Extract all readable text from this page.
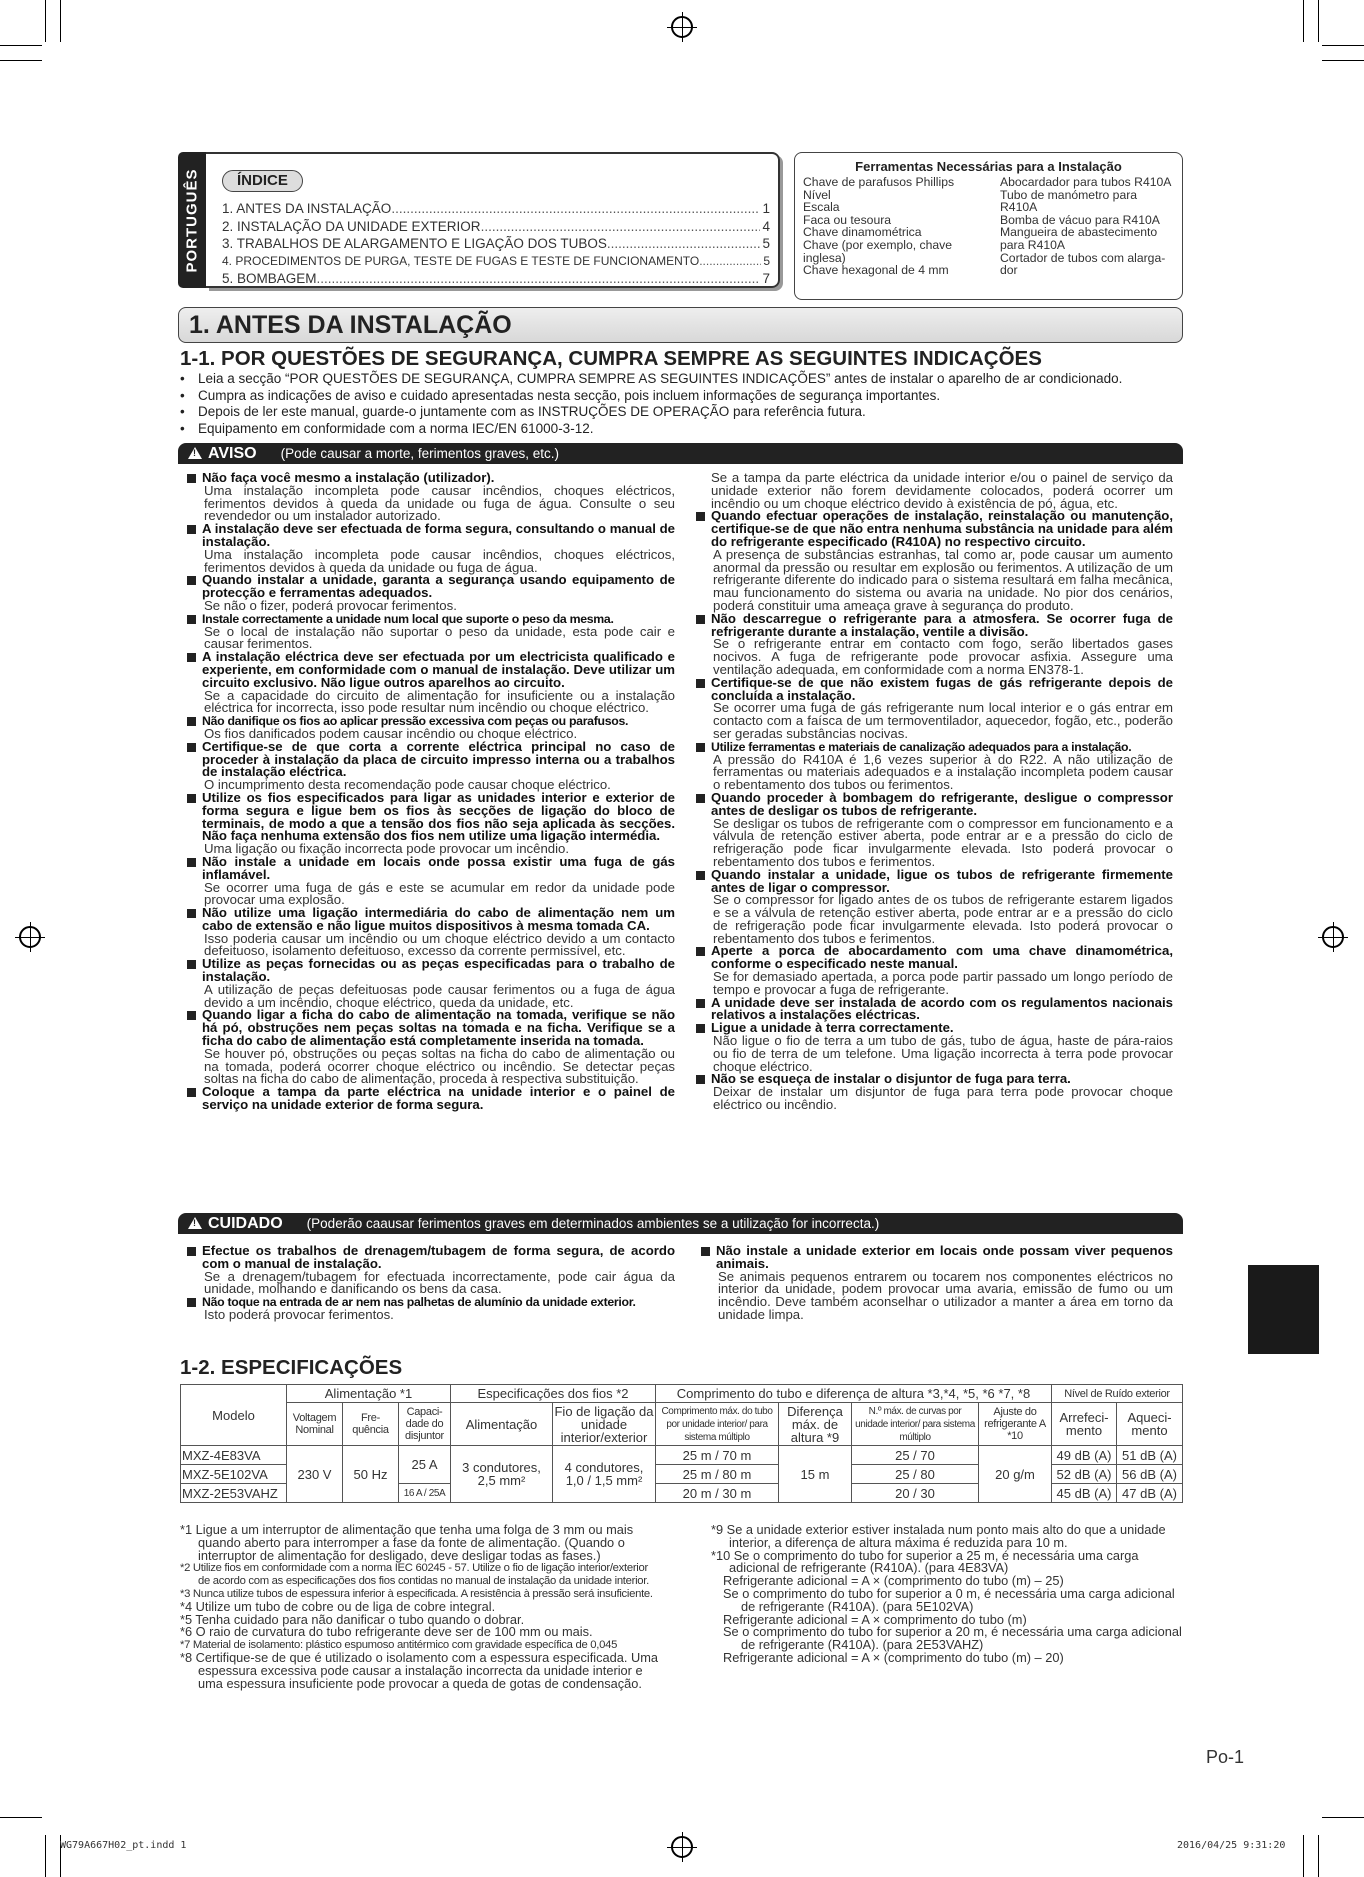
PORTUGUÊS	ÍNDICE
1. ANTES DA INSTALAÇÃO .....	1
2. INSTALAÇÃO DA UNIDADE EXTERIOR .....	4
3. TRABALHOS DE ALARGAMENTO E LIGAÇÃO DOS TUBOS .....	5
4. PROCEDIMENTOS DE PURGA, TESTE DE FUGAS E TESTE DE FUNCIONAMENTO .....	5
5. BOMBAGEM .....	7
Ferramentas Necessárias para a Instalação
Chave de parafusos Phillips
Nível
Escala
Faca ou tesoura
Chave dinamométrica
Chave (por exemplo, chave
inglesa)
Chave hexagonal de 4 mm
Abocardador para tubos R410A
Tubo de manómetro para
R410A
Bomba de vácuo para R410A
Mangueira de abastecimento
para R410A
Cortador de tubos com alarga-
dor
1. ANTES DA INSTALAÇÃO
1-1. POR QUESTÕES DE SEGURANÇA, CUMPRA SEMPRE AS SEGUINTES INDICAÇÕES
• Leia a secção “POR QUESTÕES DE SEGURANÇA, CUMPRA SEMPRE AS SEGUINTES INDICAÇÕES” antes de instalar o aparelho de ar condicionado.
• Cumpra as indicações de aviso e cuidado apresentadas nesta secção, pois incluem informações de segurança importantes.
• Depois de ler este manual, guarde-o juntamente com as INSTRUÇÕES DE OPERAÇÃO para referência futura.
• Equipamento em conformidade com a norma IEC/EN 61000-3-12.
!AVISO (Pode causar a morte, ferimentos graves, etc.)
Não faça você mesmo a instalação (utilizador).
Uma instalação incompleta pode causar incêndios, choques eléctricos, ferimentos devidos à queda da unidade ou fuga de água. Consulte o seu revendedor ou um instalador autorizado.
A instalação deve ser efectuada de forma segura, consultando o manual de instalação.
Uma instalação incompleta pode causar incêndios, choques eléctricos, ferimentos devidos à queda da unidade ou fuga de água.
Quando instalar a unidade, garanta a segurança usando equipamento de protecção e ferramentas adequados.
Se não o fizer, poderá provocar ferimentos.
Instale correctamente a unidade num local que suporte o peso da mesma.
Se o local de instalação não suportar o peso da unidade, esta pode cair e causar ferimentos.
A instalação eléctrica deve ser efectuada por um electricista qualificado e experiente, em conformidade com o manual de instalação. Deve utilizar um circuito exclusivo. Não ligue outros aparelhos ao circuito.
Se a capacidade do circuito de alimentação for insuficiente ou a instalação eléctrica for incorrecta, isso pode resultar num incêndio ou choque eléctrico.
Não danifique os fios ao aplicar pressão excessiva com peças ou parafusos.
Os fios danificados podem causar incêndio ou choque eléctrico.
Certifique-se de que corta a corrente eléctrica principal no caso de proceder à instalação da placa de circuito impresso interna ou a trabalhos de instalação eléctrica.
O incumprimento desta recomendação pode causar choque eléctrico.
Utilize os fios especificados para ligar as unidades interior e exterior de forma segura e ligue bem os fios às secções de ligação do bloco de terminais, de modo a que a tensão dos fios não seja aplicada às secções. Não faça nenhuma extensão dos fios nem utilize uma ligação intermédia.
Uma ligação ou fixação incorrecta pode provocar um incêndio.
Não instale a unidade em locais onde possa existir uma fuga de gás inflamável.
Se ocorrer uma fuga de gás e este se acumular em redor da unidade pode provocar uma explosão.
Não utilize uma ligação intermediária do cabo de alimentação nem um cabo de extensão e não ligue muitos dispositivos à mesma tomada CA.
Isso poderia causar um incêndio ou um choque eléctrico devido a um contacto defeituoso, isolamento defeituoso, excesso da corrente permissível, etc.
Utilize as peças fornecidas ou as peças especificadas para o trabalho de instalação.
A utilização de peças defeituosas pode causar ferimentos ou a fuga de água devido a um incêndio, choque eléctrico, queda da unidade, etc.
Quando ligar a ficha do cabo de alimentação na tomada, verifique se não há pó, obstruções nem peças soltas na tomada e na ficha. Verifique se a ficha do cabo de alimentação está completamente inserida na tomada.
Se houver pó, obstruções ou peças soltas na ficha do cabo de alimentação ou na tomada, poderá ocorrer choque eléctrico ou incêndio. Se detectar peças soltas na ficha do cabo de alimentação, proceda à respectiva substituição.
Coloque a tampa da parte eléctrica na unidade interior e o painel de serviço na unidade exterior de forma segura.
Se a tampa da parte eléctrica da unidade interior e/ou o painel de serviço da unidade exterior não forem devidamente colocados, poderá ocorrer um incêndio ou um choque eléctrico devido à existência de pó, água, etc.
Quando efectuar operações de instalação, reinstalação ou manutenção, certifique-se de que não entra nenhuma substância na unidade para além do refrigerante especificado (R410A) no respectivo circuito.
A presença de substâncias estranhas, tal como ar, pode causar um aumento anormal da pressão ou resultar em explosão ou ferimentos. A utilização de um refrigerante diferente do indicado para o sistema resultará em falha mecânica, mau funcionamento do sistema ou avaria na unidade. No pior dos cenários, poderá constituir uma ameaça grave à segurança do produto.
Não descarregue o refrigerante para a atmosfera. Se ocorrer fuga de refrigerante durante a instalação, ventile a divisão.
Se o refrigerante entrar em contacto com fogo, serão libertados gases nocivos. A fuga de refrigerante pode provocar asfixia. Assegure uma ventilação adequada, em conformidade com a norma EN378-1.
Certifique-se de que não existem fugas de gás refrigerante depois de concluída a instalação.
Se ocorrer uma fuga de gás refrigerante num local interior e o gás entrar em contacto com a faísca de um termoventilador, aquecedor, fogão, etc., poderão ser geradas substâncias nocivas.
Utilize ferramentas e materiais de canalização adequados para a instalação.
A pressão do R410A é 1,6 vezes superior à do R22. A não utilização de ferramentas ou materiais adequados e a instalação incompleta podem causar o rebentamento dos tubos ou ferimentos.
Quando proceder à bombagem do refrigerante, desligue o compressor antes de desligar os tubos de refrigerante.
Se desligar os tubos de refrigerante com o compressor em funcionamento e a válvula de retenção estiver aberta, pode entrar ar e a pressão do ciclo de refrigeração pode ficar invulgarmente elevada. Isto poderá provocar o rebentamento dos tubos e ferimentos.
Quando instalar a unidade, ligue os tubos de refrigerante firmemente antes de ligar o compressor.
Se o compressor for ligado antes de os tubos de refrigerante estarem ligados e se a válvula de retenção estiver aberta, pode entrar ar e a pressão do ciclo de refrigeração pode ficar invulgarmente elevada. Isto poderá provocar o rebentamento dos tubos e ferimentos.
Aperte a porca de abocardamento com uma chave dinamométrica, conforme o especificado neste manual.
Se for demasiado apertada, a porca pode partir passado um longo período de tempo e provocar a fuga de refrigerante.
A unidade deve ser instalada de acordo com os regulamentos nacionais relativos a instalações eléctricas.
Ligue a unidade à terra correctamente.
Não ligue o fio de terra a um tubo de gás, tubo de água, haste de pára-raios ou fio de terra de um telefone. Uma ligação incorrecta à terra pode provocar choque eléctrico.
Não se esqueça de instalar o disjuntor de fuga para terra.
Deixar de instalar um disjuntor de fuga para terra pode provocar choque eléctrico ou incêndio.
!CUIDADO (Poderão caausar ferimentos graves em determinados ambientes se a utilização for incorrecta.)
Efectue os trabalhos de drenagem/tubagem de forma segura, de acordo com o manual de instalação.
Se a drenagem/tubagem for efectuada incorrectamente, pode cair água da unidade, molhando e danificando os bens da casa.
Não toque na entrada de ar nem nas palhetas de alumínio da unidade exterior.
Isto poderá provocar ferimentos.
Não instale a unidade exterior em locais onde possam viver pequenos animais.
Se animais pequenos entrarem ou tocarem nos componentes eléctricos no interior da unidade, podem provocar uma avaria, emissão de fumo ou um incêndio. Deve também aconselhar o utilizador a manter a área em torno da unidade limpa.
1-2. ESPECIFICAÇÕES
Modelo	Alimentação *1			Especificações dos fios *2		Comprimento do tubo e diferença de altura *3,*4, *5, *6 *7, *8				Nível de Ruído exterior	
	Voltagem Nominal	Fre-quência	Capaci-dade do disjuntor	Alimentação	Fio de ligação da unidade interior/exterior	Comprimento máx. do tubo por unidade interior/ para sistema múltiplo	Diferença máx. de altura *9	N.º máx. de curvas por unidade interior/ para sistema múltiplo	Ajuste do refrigerante A *10	Arrefeci-mento	Aqueci-mento
MXZ-4E83VA	230 V	50 Hz	25 A	3 condutores, 2,5 mm²	4 condutores, 1,0 / 1,5 mm²	25 m / 70 m	15 m	25 / 70	20 g/m	49 dB (A)	51 dB (A)
MXZ-5E102VA						25 m / 80 m		25 / 80		52 dB (A)	56 dB (A)
MXZ-2E53VAHZ			16 A / 25A			20 m / 30 m		20 / 30		45 dB (A)	47 dB (A)

*1 Ligue a um interruptor de alimentação que tenha uma folga de 3 mm ou mais quando aberto para interromper a fase da fonte de alimentação. (Quando o interruptor de alimentação for desligado, deve desligar todas as fases.)

*2 Utilize fios em conformidade com a norma IEC 60245 - 57. Utilize o fio de ligação interior/exterior de acordo com as especificações dos fios contidas no manual de instalação da unidade interior.

*3 Nunca utilize tubos de espessura inferior à especificada. A resistência à pressão será insuficiente.

*4 Utilize um tubo de cobre ou de liga de cobre integral.

*5 Tenha cuidado para não danificar o tubo quando o dobrar.

*6 O raio de curvatura do tubo refrigerante deve ser de 100 mm ou mais.

*7 Material de isolamento: plástico espumoso antitérmico com gravidade específica de 0,045

*8 Certifique-se de que é utilizado o isolamento com a espessura especificada. Uma espessura excessiva pode causar a instalação incorrecta da unidade interior e uma espessura insuficiente pode provocar a queda de gotas de condensação.

*9 Se a unidade exterior estiver instalada num ponto mais alto do que a unidade interior, a diferença de altura máxima é reduzida para 10 m.

*10 Se o comprimento do tubo for superior a 25 m, é necessária uma carga adicional de refrigerante (R410A). (para 4E83VA)

Refrigerante adicional = A × (comprimento do tubo (m) – 25)

Se o comprimento do tubo for superior a 0 m, é necessária uma carga adicional de refrigerante (R410A). (para 5E102VA)

Refrigerante adicional = A × comprimento do tubo (m)

Se o comprimento do tubo for superior a 20 m, é necessária uma carga adicional de refrigerante (R410A). (para 2E53VAHZ)

Refrigerante adicional = A × (comprimento do tubo (m) – 20)

Po-1
WG79A667H02_pt.indd 1	2016/04/25 9:31:20
